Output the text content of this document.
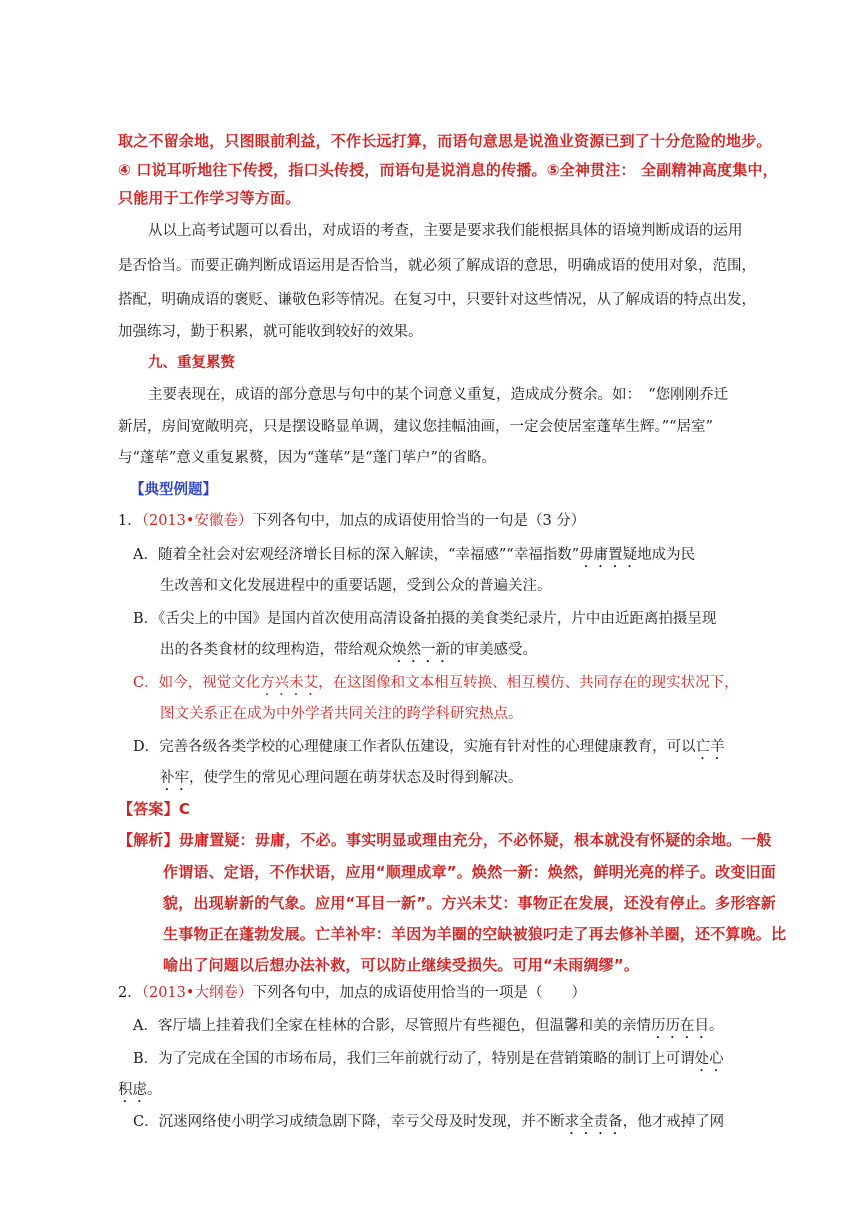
取之不留余地，只图眼前利益，不作长远打算，而语句意思是说渔业资源已到了十分危险的地步。
④ 口说耳听地往下传授，指口头传授，而语句是说消息的传播。⑤全神贯注： 全副精神高度集中，
只能用于工作学习等方面。
从以上高考试题可以看出，对成语的考查，主要是要求我们能根据具体的语境判断成语的运用
是否恰当。而要正确判断成语运用是否恰当，就必须了解成语的意思，明确成语的使用对象，范围，
搭配，明确成语的褒贬、谦敬色彩等情况。在复习中，只要针对这些情况，从了解成语的特点出发，
加强练习，勤于积累，就可能收到较好的效果。
九、重复累赘
主要表现在，成语的部分意思与句中的某个词意义重复，造成成分赘余。如：　“您刚刚乔迁
新居，房间宽敞明亮，只是摆设略显单调，建议您挂幅油画，一定会使居室蓬荜生辉。”“居室”
与“蓬荜”意义重复累赘，因为“蓬荜”是“蓬门荜户”的省略。
【典型例题】
1．（2013•安徽卷）下列各句中，加点的成语使用恰当的一句是（3 分）
A．随着全社会对宏观经济增长目标的深入解读，“幸福感”“幸福指数”毋庸置疑地成为民
生改善和文化发展进程中的重要话题，受到公众的普遍关注。
B．《舌尖上的中国》是国内首次使用高清设备拍摄的美食类纪录片，片中由近距离拍摄呈现
出的各类食材的纹理构造，带给观众焕然一新的审美感受。
C．如今，视觉文化方兴未艾，在这图像和文本相互转换、相互模仿、共同存在的现实状况下，
图文关系正在成为中外学者共同关注的跨学科研究热点。
D．完善各级各类学校的心理健康工作者队伍建设，实施有针对性的心理健康教育，可以亡羊
补牢，使学生的常见心理问题在萌芽状态及时得到解决。
【答案】C
【解析】毋庸置疑：毋庸，不必。事实明显或理由充分，不必怀疑，根本就没有怀疑的余地。一般
作谓语、定语，不作状语，应用“顺理成章”。焕然一新：焕然，鲜明光亮的样子。改变旧面
貌，出现崭新的气象。应用“耳目一新”。方兴未艾：事物正在发展，还没有停止。多形容新
生事物正在蓬勃发展。亡羊补牢：羊因为羊圈的空缺被狼叼走了再去修补羊圈，还不算晚。比
喻出了问题以后想办法补救，可以防止继续受损失。可用“未雨绸缪”。
2．（2013•大纲卷）下列各句中，加点的成语使用恰当的一项是（　　）
A．客厅墙上挂着我们全家在桂林的合影，尽管照片有些褪色，但温馨和美的亲情历历在目。
B．为了完成在全国的市场布局，我们三年前就行动了，特别是在营销策略的制订上可谓处心
积虑。
C．沉迷网络使小明学习成绩急剧下降，幸亏父母及时发现，并不断求全责备，他才戒掉了网
